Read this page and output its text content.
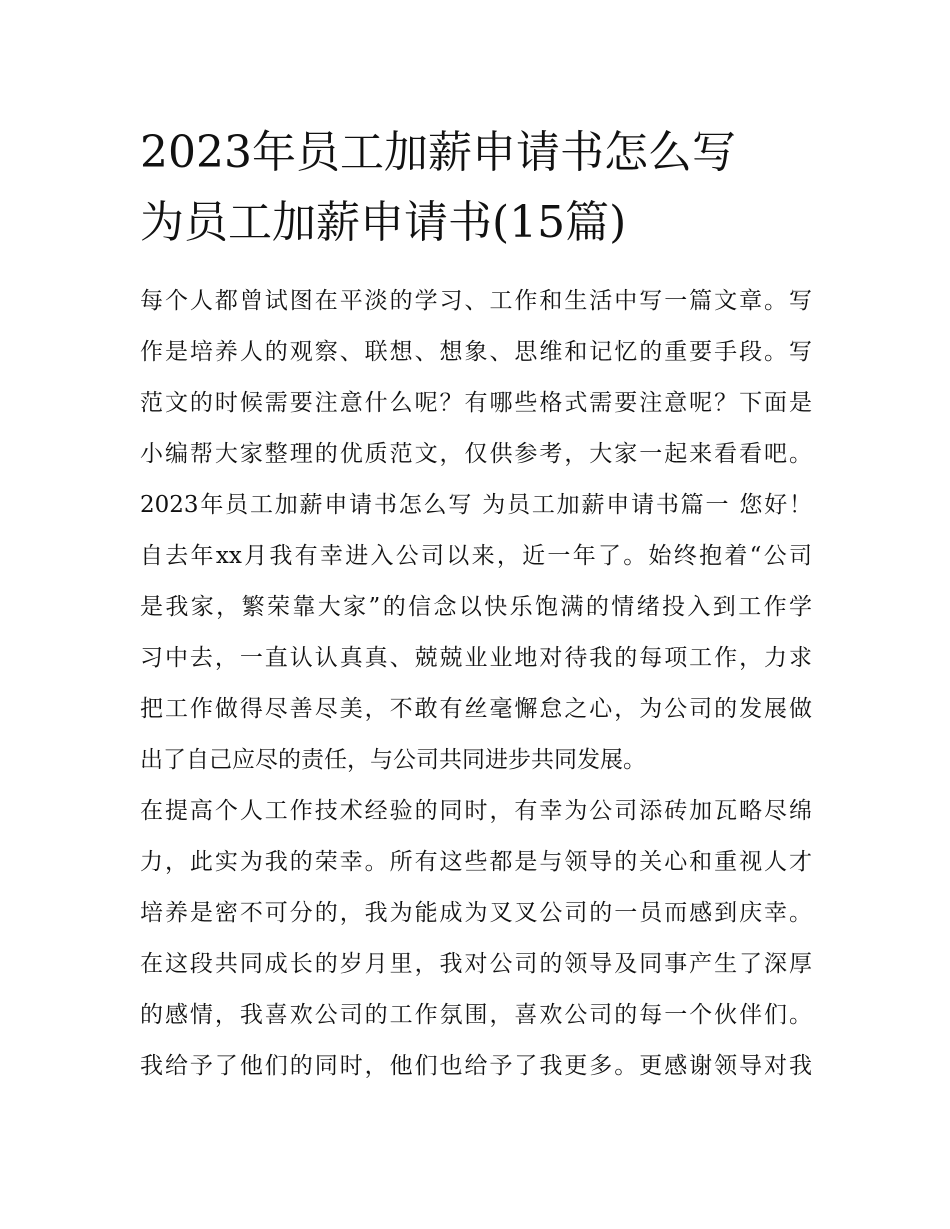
2023年员工加薪申请书怎么写
为员工加薪申请书(15篇)
每个人都曾试图在平淡的学习、工作和生活中写一篇文章。写
作是培养人的观察、联想、想象、思维和记忆的重要手段。写
范文的时候需要注意什么呢？有哪些格式需要注意呢？下面是
小编帮大家整理的优质范文，仅供参考，大家一起来看看吧。
2023年员工加薪申请书怎么写 为员工加薪申请书篇一 您好！
自去年xx月我有幸进入公司以来，近一年了。始终抱着“公司
是我家，繁荣靠大家”的信念以快乐饱满的情绪投入到工作学
习中去，一直认认真真、兢兢业业地对待我的每项工作，力求
把工作做得尽善尽美，不敢有丝毫懈怠之心，为公司的发展做
出了自己应尽的责任，与公司共同进步共同发展。
在提高个人工作技术经验的同时，有幸为公司添砖加瓦略尽绵
力，此实为我的荣幸。所有这些都是与领导的关心和重视人才
培养是密不可分的，我为能成为叉叉公司的一员而感到庆幸。
在这段共同成长的岁月里，我对公司的领导及同事产生了深厚
的感情，我喜欢公司的工作氛围，喜欢公司的每一个伙伴们。
我给予了他们的同时，他们也给予了我更多。更感谢领导对我
